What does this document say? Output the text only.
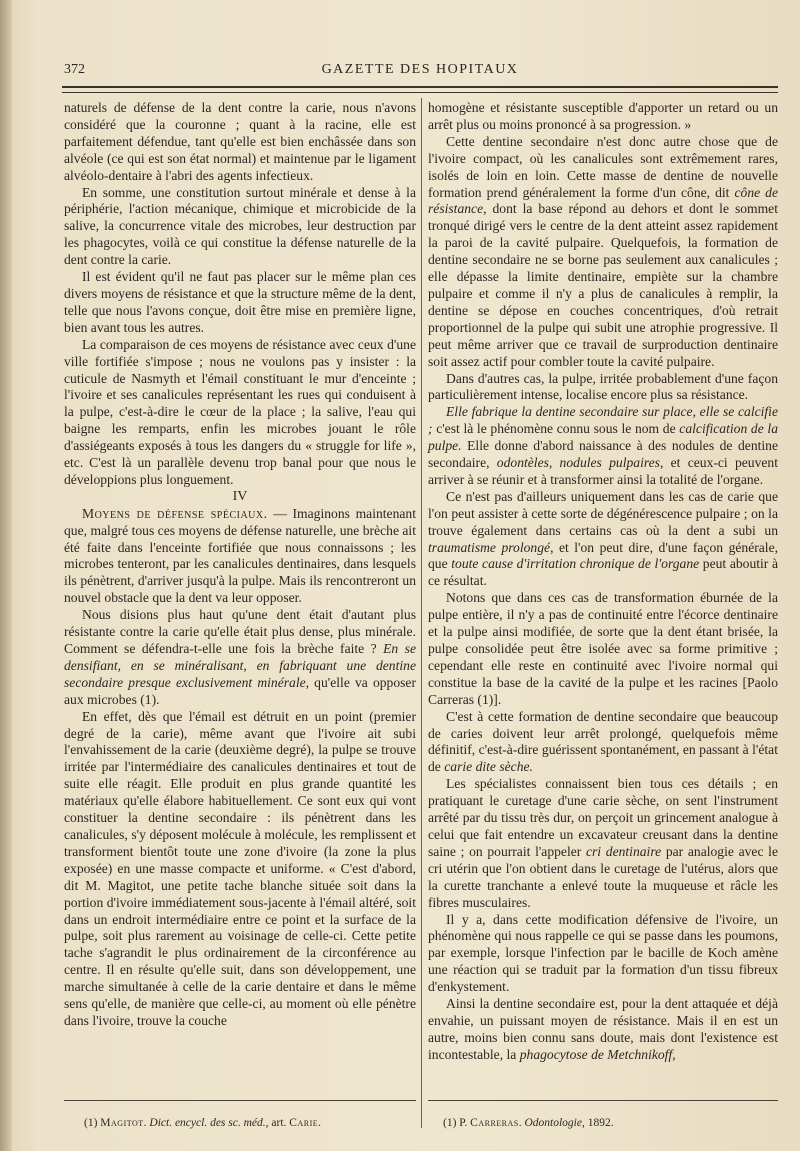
372	GAZETTE DES HOPITAUX

naturels de défense de la dent contre la carie, nous n'avons considéré que la couronne ; quant à la racine, elle est parfaitement défendue, tant qu'elle est bien enchâssée dans son alvéole (ce qui est son état normal) et maintenue par le ligament alvéolo-dentaire à l'abri des agents infectieux.

En somme, une constitution surtout minérale et dense à la périphérie, l'action mécanique, chimique et microbicide de la salive, la concurrence vitale des microbes, leur destruction par les phagocytes, voilà ce qui constitue la défense naturelle de la dent contre la carie.

Il est évident qu'il ne faut pas placer sur le même plan ces divers moyens de résistance et que la structure même de la dent, telle que nous l'avons conçue, doit être mise en première ligne, bien avant tous les autres.

La comparaison de ces moyens de résistance avec ceux d'une ville fortifiée s'impose ; nous ne voulons pas y insister : la cuticule de Nasmyth et l'émail constituant le mur d'enceinte ; l'ivoire et ses canalicules représentant les rues qui conduisent à la pulpe, c'est-à-dire le cœur de la place ; la salive, l'eau qui baigne les remparts, enfin les microbes jouant le rôle d'assiégeants exposés à tous les dangers du « struggle for life », etc. C'est là un parallèle devenu trop banal pour que nous le développions plus longuement.

IV

Moyens de défense spéciaux. — Imaginons maintenant que, malgré tous ces moyens de défense naturelle, une brèche ait été faite dans l'enceinte fortifiée que nous connaissons ; les microbes tenteront, par les canalicules dentinaires, dans lesquels ils pénètrent, d'arriver jusqu'à la pulpe. Mais ils rencontreront un nouvel obstacle que la dent va leur opposer.

Nous disions plus haut qu'une dent était d'autant plus résistante contre la carie qu'elle était plus dense, plus minérale. Comment se défendra-t-elle une fois la brèche faite ? En se densifiant, en se minéralisant, en fabriquant une dentine secondaire presque exclusivement minérale, qu'elle va opposer aux microbes (1).

En effet, dès que l'émail est détruit en un point (premier degré de la carie), même avant que l'ivoire ait subi l'envahissement de la carie (deuxième degré), la pulpe se trouve irritée par l'intermédiaire des canalicules dentinaires et tout de suite elle réagit. Elle produit en plus grande quantité les matériaux qu'elle élabore habituellement. Ce sont eux qui vont constituer la dentine secondaire : ils pénètrent dans les canalicules, s'y déposent molécule à molécule, les remplissent et transforment bientôt toute une zone d'ivoire (la zone la plus exposée) en une masse compacte et uniforme. « C'est d'abord, dit M. Magitot, une petite tache blanche située soit dans la portion d'ivoire immédiatement sous-jacente à l'émail altéré, soit dans un endroit intermédiaire entre ce point et la surface de la pulpe, soit plus rarement au voisinage de celle-ci. Cette petite tache s'agrandit le plus ordinairement de la circonférence au centre. Il en résulte qu'elle suit, dans son développement, une marche simultanée à celle de la carie dentaire et dans le même sens qu'elle, de manière que celle-ci, au moment où elle pénètre dans l'ivoire, trouve la couche

homogène et résistante susceptible d'apporter un retard ou un arrêt plus ou moins prononcé à sa progression. »

Cette dentine secondaire n'est donc autre chose que de l'ivoire compact, où les canalicules sont extrêmement rares, isolés de loin en loin. Cette masse de dentine de nouvelle formation prend généralement la forme d'un cône, dit cône de résistance, dont la base répond au dehors et dont le sommet tronqué dirigé vers le centre de la dent atteint assez rapidement la paroi de la cavité pulpaire. Quelquefois, la formation de dentine secondaire ne se borne pas seulement aux canalicules ; elle dépasse la limite dentinaire, empiète sur la chambre pulpaire et comme il n'y a plus de canalicules à remplir, la dentine se dépose en couches concentriques, d'où retrait proportionnel de la pulpe qui subit une atrophie progressive. Il peut même arriver que ce travail de surproduction dentinaire soit assez actif pour combler toute la cavité pulpaire.

Dans d'autres cas, la pulpe, irritée probablement d'une façon particulièrement intense, localise encore plus sa résistance.

Elle fabrique la dentine secondaire sur place, elle se calcifie ; c'est là le phénomène connu sous le nom de calcification de la pulpe. Elle donne d'abord naissance à des nodules de dentine secondaire, odontèles, nodules pulpaires, et ceux-ci peuvent arriver à se réunir et à transformer ainsi la totalité de l'organe.

Ce n'est pas d'ailleurs uniquement dans les cas de carie que l'on peut assister à cette sorte de dégénérescence pulpaire ; on la trouve également dans certains cas où la dent a subi un traumatisme prolongé, et l'on peut dire, d'une façon générale, que toute cause d'irritation chronique de l'organe peut aboutir à ce résultat.

Notons que dans ces cas de transformation éburnée de la pulpe entière, il n'y a pas de continuité entre l'écorce dentinaire et la pulpe ainsi modifiée, de sorte que la dent étant brisée, la pulpe consolidée peut être isolée avec sa forme primitive ; cependant elle reste en continuité avec l'ivoire normal qui constitue la base de la cavité de la pulpe et les racines [Paolo Carreras (1)].

C'est à cette formation de dentine secondaire que beaucoup de caries doivent leur arrêt prolongé, quelquefois même définitif, c'est-à-dire guérissent spontanément, en passant à l'état de carie dite sèche.

Les spécialistes connaissent bien tous ces détails ; en pratiquant le curetage d'une carie sèche, on sent l'instrument arrêté par du tissu très dur, on perçoit un grincement analogue à celui que fait entendre un excavateur creusant dans la dentine saine ; on pourrait l'appeler cri dentinaire par analogie avec le cri utérin que l'on obtient dans le curetage de l'utérus, alors que la curette tranchante a enlevé toute la muqueuse et râcle les fibres musculaires.

Il y a, dans cette modification défensive de l'ivoire, un phénomène qui nous rappelle ce qui se passe dans les poumons, par exemple, lorsque l'infection par le bacille de Koch amène une réaction qui se traduit par la formation d'un tissu fibreux d'enkystement.

Ainsi la dentine secondaire est, pour la dent attaquée et déjà envahie, un puissant moyen de résistance. Mais il en est un autre, moins bien connu sans doute, mais dont l'existence est incontestable, la phagocytose de Metchnikoff,

(1) Magitot. Dict. encycl. des sc. méd., art. Carie.	(1) P. Carreras. Odontologie, 1892.
